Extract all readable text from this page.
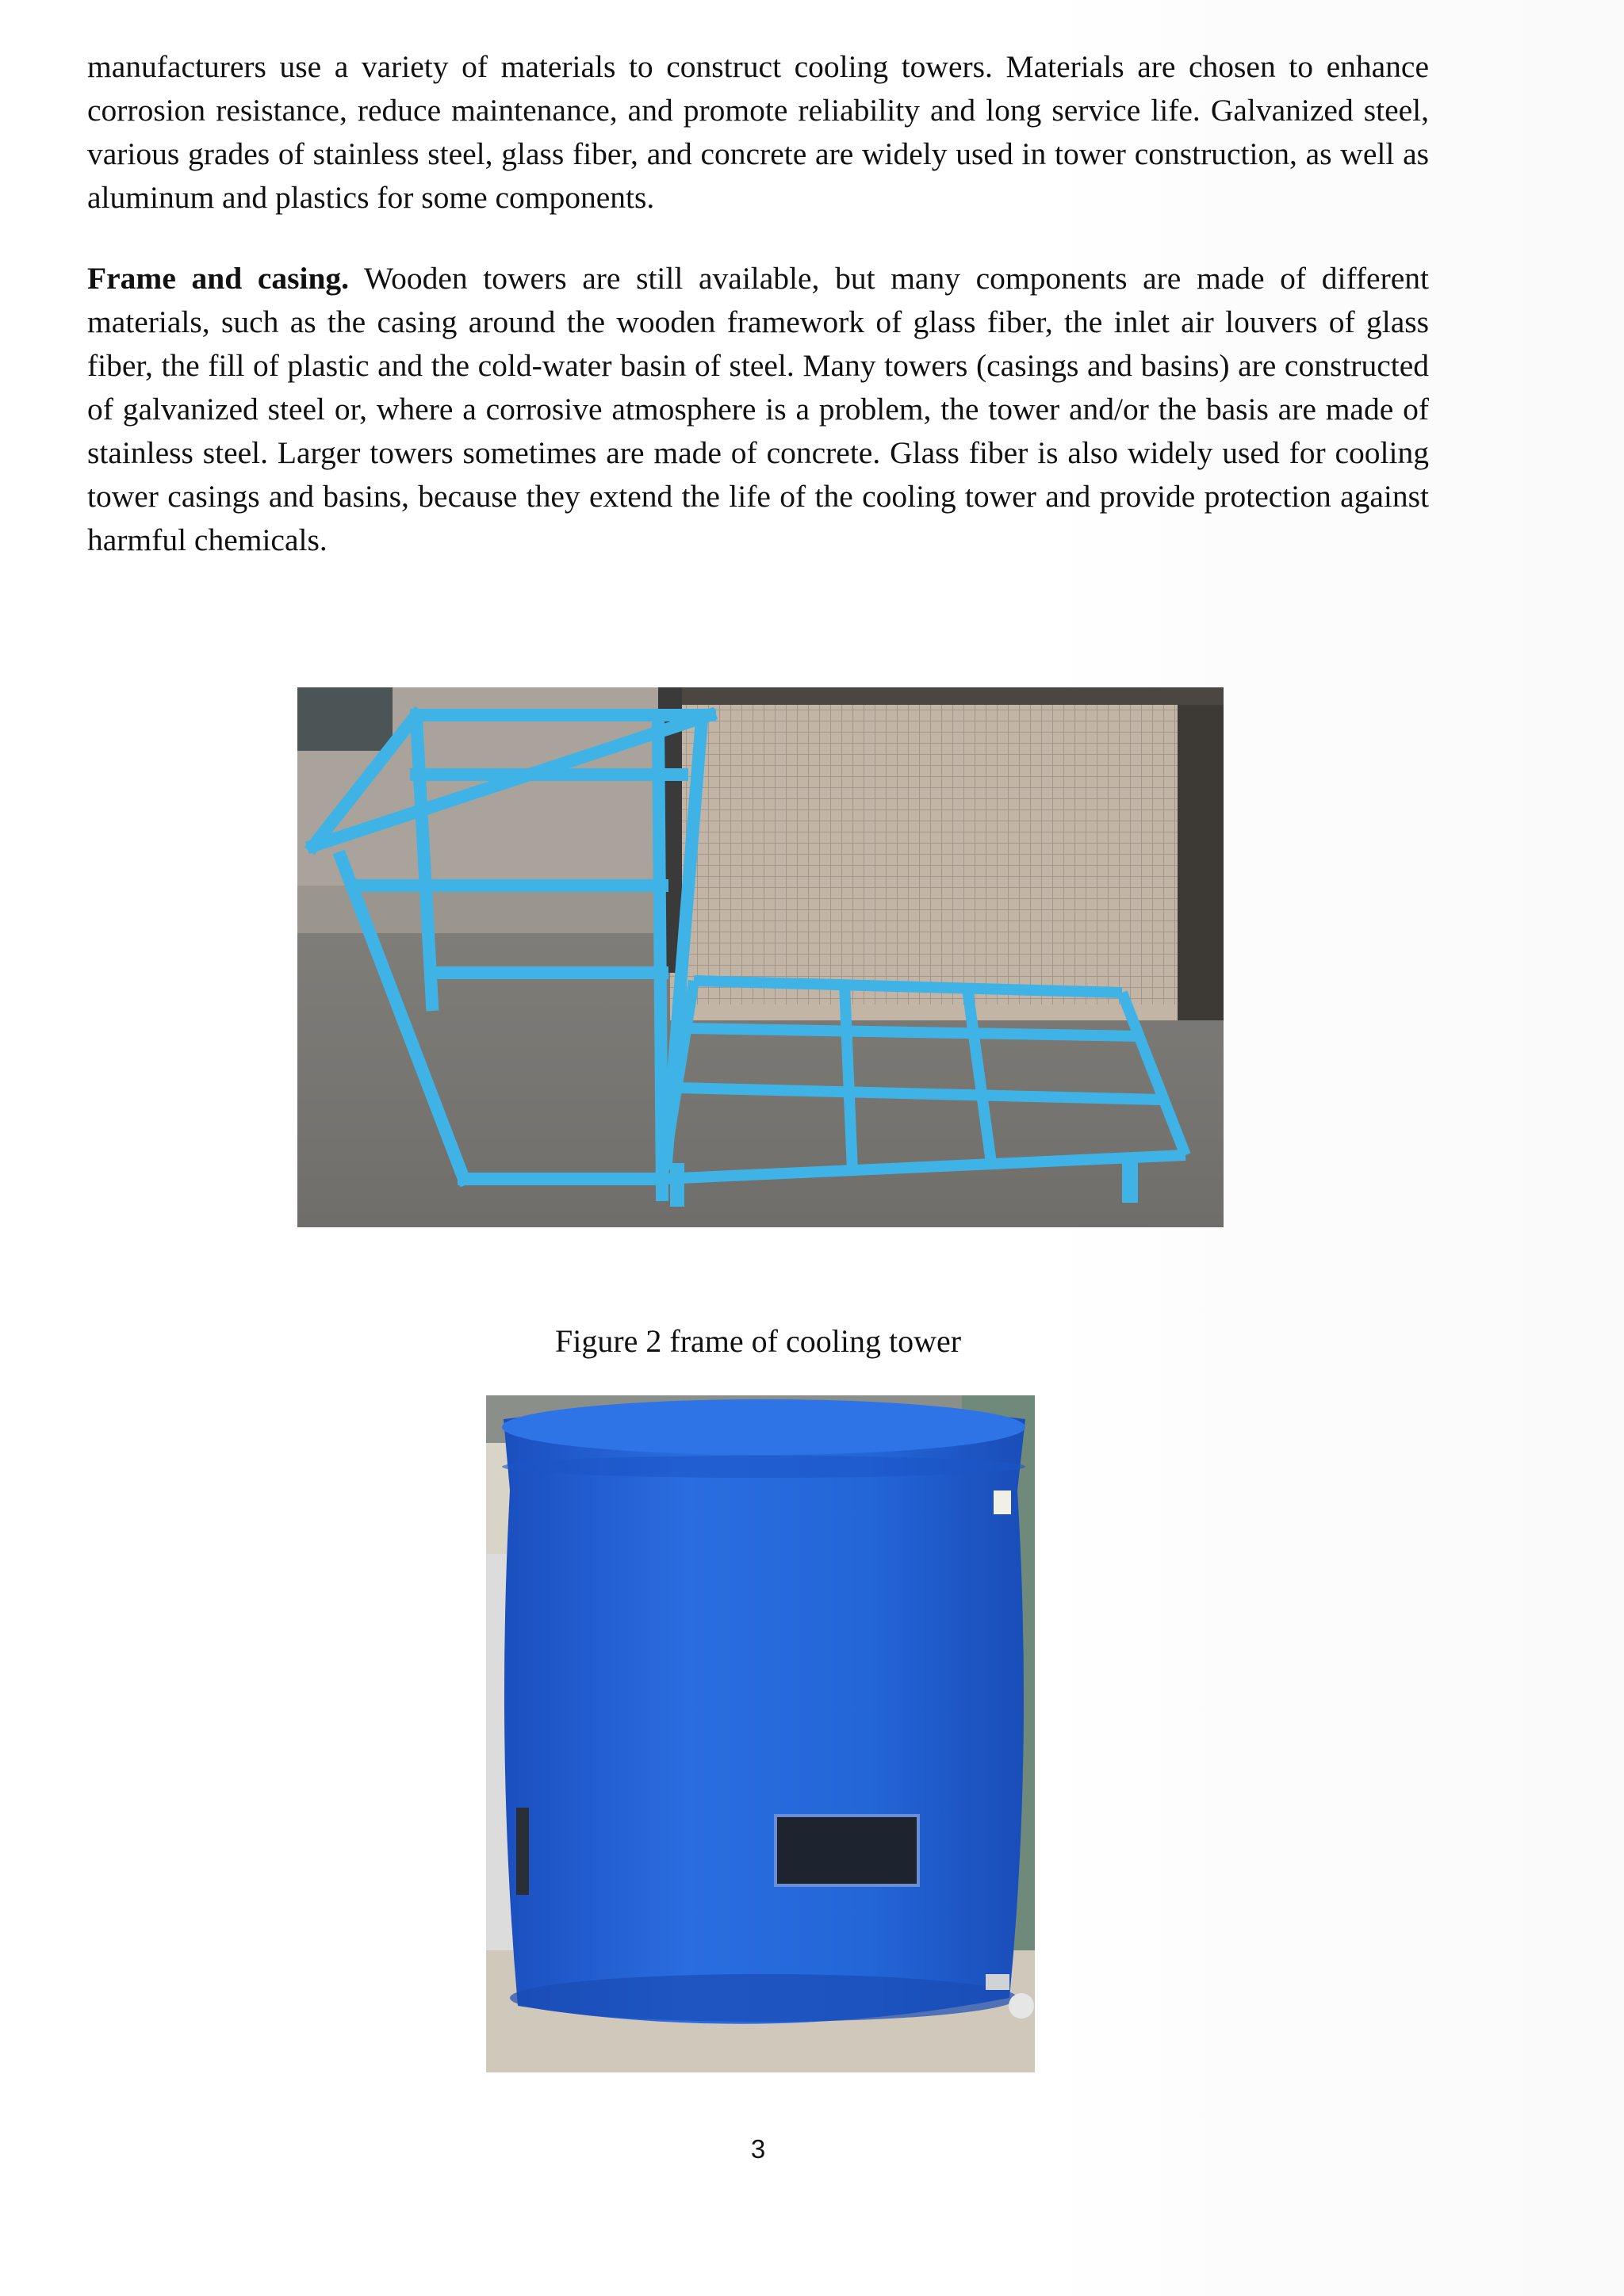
manufacturers use a variety of materials to construct cooling towers. Materials are chosen to enhance corrosion resistance, reduce maintenance, and promote reliability and long service life. Galvanized steel, various grades of stainless steel, glass fiber, and concrete are widely used in tower construction, as well as aluminum and plastics for some components.

Frame and casing. Wooden towers are still available, but many components are made of different materials, such as the casing around the wooden framework of glass fiber, the inlet air louvers of glass fiber, the fill of plastic and the cold-water basin of steel. Many towers (casings and basins) are constructed of galvanized steel or, where a corrosive atmosphere is a problem, the tower and/or the basis are made of stainless steel. Larger towers sometimes are made of concrete. Glass fiber is also widely used for cooling tower casings and basins, because they extend the life of the cooling tower and provide protection against harmful chemicals.

Figure 2 frame of cooling tower
3
